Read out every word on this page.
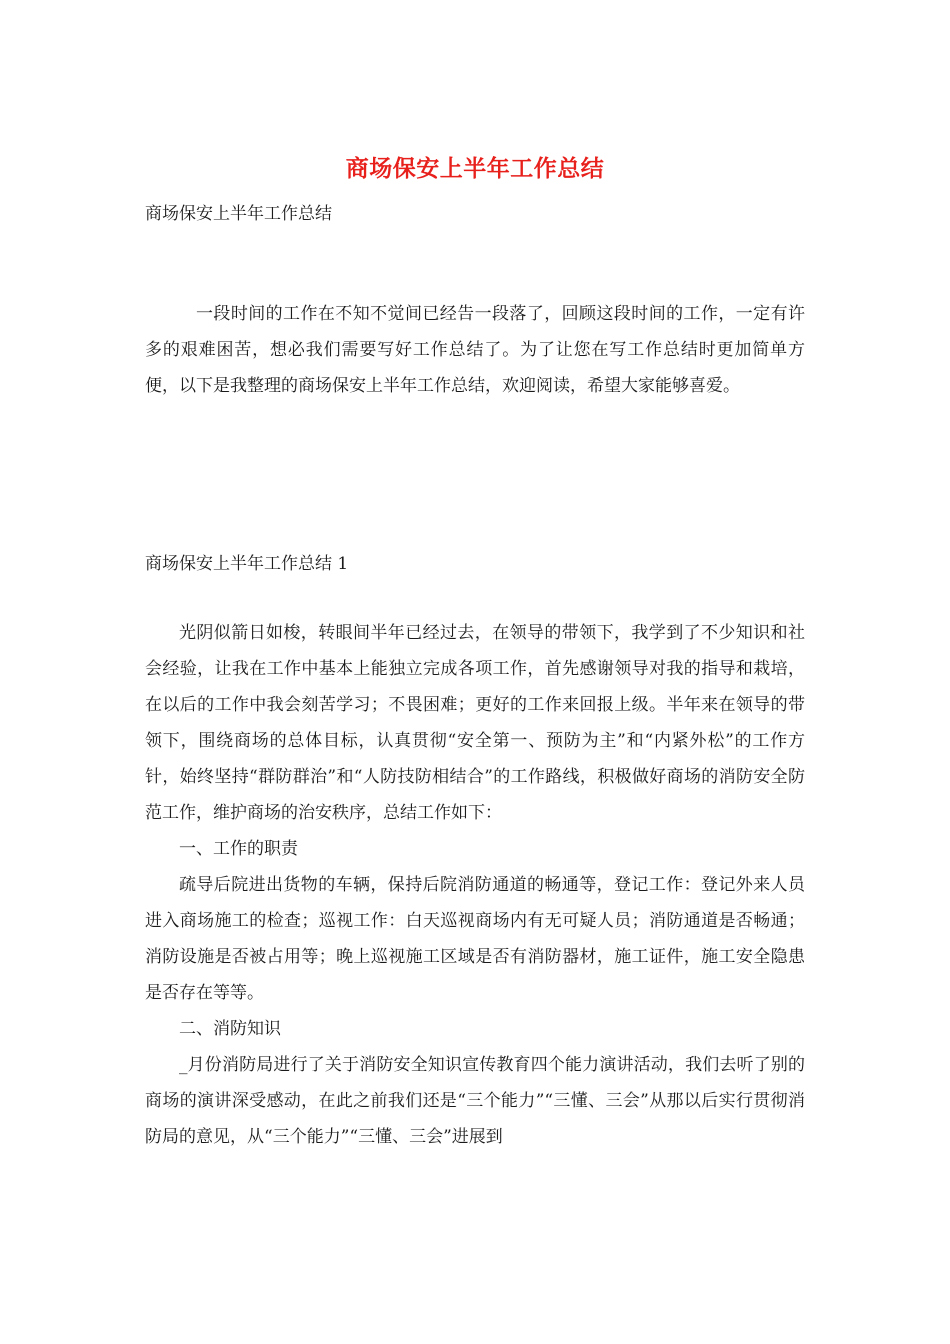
商场保安上半年工作总结
商场保安上半年工作总结

一段时间的工作在不知不觉间已经告一段落了，回顾这段时间的工作，一定有许多的艰难困苦，想必我们需要写好工作总结了。为了让您在写工作总结时更加简单方便，以下是我整理的商场保安上半年工作总结，欢迎阅读，希望大家能够喜爱。

商场保安上半年工作总结 1

光阴似箭日如梭，转眼间半年已经过去，在领导的带领下，我学到了不少知识和社会经验，让我在工作中基本上能独立完成各项工作，首先感谢领导对我的指导和栽培，在以后的工作中我会刻苦学习；不畏困难；更好的工作来回报上级。半年来在领导的带领下，围绕商场的总体目标，认真贯彻“安全第一、预防为主”和“内紧外松”的工作方针，始终坚持“群防群治”和“人防技防相结合”的工作路线，积极做好商场的消防安全防范工作，维护商场的治安秩序，总结工作如下：

一、工作的职责

疏导后院进出货物的车辆，保持后院消防通道的畅通等，登记工作：登记外来人员进入商场施工的检查；巡视工作：白天巡视商场内有无可疑人员；消防通道是否畅通；消防设施是否被占用等；晚上巡视施工区域是否有消防器材，施工证件，施工安全隐患是否存在等等。

二、消防知识

_月份消防局进行了关于消防安全知识宣传教育四个能力演讲活动，我们去听了别的商场的演讲深受感动，在此之前我们还是“三个能力”“三懂、三会”从那以后实行贯彻消防局的意见，从“三个能力”“三懂、三会”进展到
